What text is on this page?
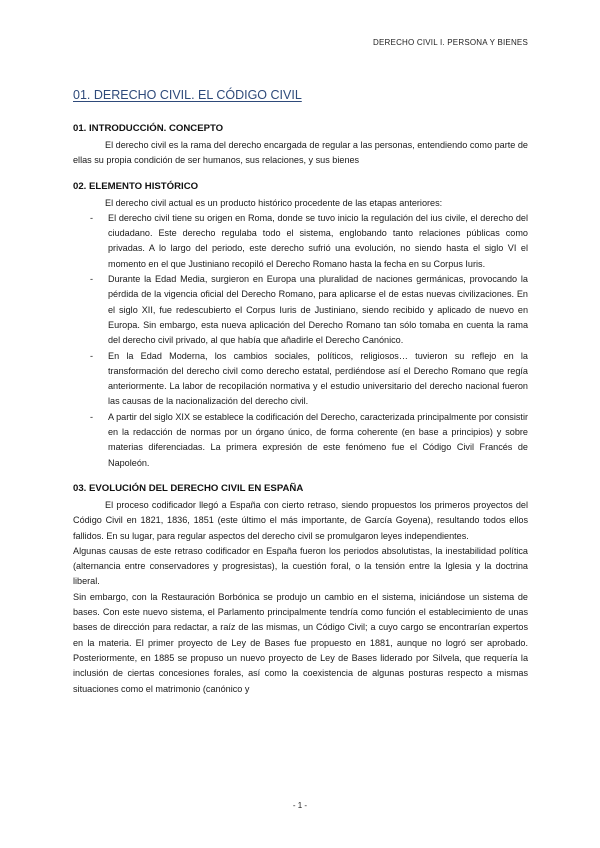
DERECHO CIVIL I. PERSONA Y BIENES
01. DERECHO CIVIL. EL CÓDIGO CIVIL
01. INTRODUCCIÓN. CONCEPTO

El derecho civil es la rama del derecho encargada de regular a las personas, entendiendo como parte de ellas su propia condición de ser humanos, sus relaciones, y sus bienes

02. ELEMENTO HISTÓRICO

El derecho civil actual es un producto histórico procedente de las etapas anteriores:

- El derecho civil tiene su origen en Roma, donde se tuvo inicio la regulación del ius civile, el derecho del ciudadano. Este derecho regulaba todo el sistema, englobando tanto relaciones públicas como privadas. A lo largo del periodo, este derecho sufrió una evolución, no siendo hasta el siglo VI el momento en el que Justiniano recopiló el Derecho Romano hasta la fecha en su Corpus Iuris.
- Durante la Edad Media, surgieron en Europa una pluralidad de naciones germánicas, provocando la pérdida de la vigencia oficial del Derecho Romano, para aplicarse el de estas nuevas civilizaciones. En el siglo XII, fue redescubierto el Corpus Iuris de Justiniano, siendo recibido y aplicado de nuevo en Europa. Sin embargo, esta nueva aplicación del Derecho Romano tan sólo tomaba en cuenta la rama del derecho civil privado, al que había que añadirle el Derecho Canónico.
- En la Edad Moderna, los cambios sociales, políticos, religiosos… tuvieron su reflejo en la transformación del derecho civil como derecho estatal, perdiéndose así el Derecho Romano que regía anteriormente. La labor de recopilación normativa y el estudio universitario del derecho nacional fueron las causas de la nacionalización del derecho civil.
- A partir del siglo XIX se establece la codificación del Derecho, caracterizada principalmente por consistir en la redacción de normas por un órgano único, de forma coherente (en base a principios) y sobre materias diferenciadas. La primera expresión de este fenómeno fue el Código Civil Francés de Napoleón.
03. EVOLUCIÓN DEL DERECHO CIVIL EN ESPAÑA

El proceso codificador llegó a España con cierto retraso, siendo propuestos los primeros proyectos del Código Civil en 1821, 1836, 1851 (este último el más importante, de García Goyena), resultando todos ellos fallidos. En su lugar, para regular aspectos del derecho civil se promulgaron leyes independientes.

Algunas causas de este retraso codificador en España fueron los periodos absolutistas, la inestabilidad política (alternancia entre conservadores y progresistas), la cuestión foral, o la tensión entre la Iglesia y la doctrina liberal.

Sin embargo, con la Restauración Borbónica se produjo un cambio en el sistema, iniciándose un sistema de bases. Con este nuevo sistema, el Parlamento principalmente tendría como función el establecimiento de unas bases de dirección para redactar, a raíz de las mismas, un Código Civil; a cuyo cargo se encontrarían expertos en la materia. El primer proyecto de Ley de Bases fue propuesto en 1881, aunque no logró ser aprobado. Posteriormente, en 1885 se propuso un nuevo proyecto de Ley de Bases liderado por Silvela, que requería la inclusión de ciertas concesiones forales, así como la coexistencia de algunas posturas respecto a mismas situaciones como el matrimonio (canónico y

- 1 -
